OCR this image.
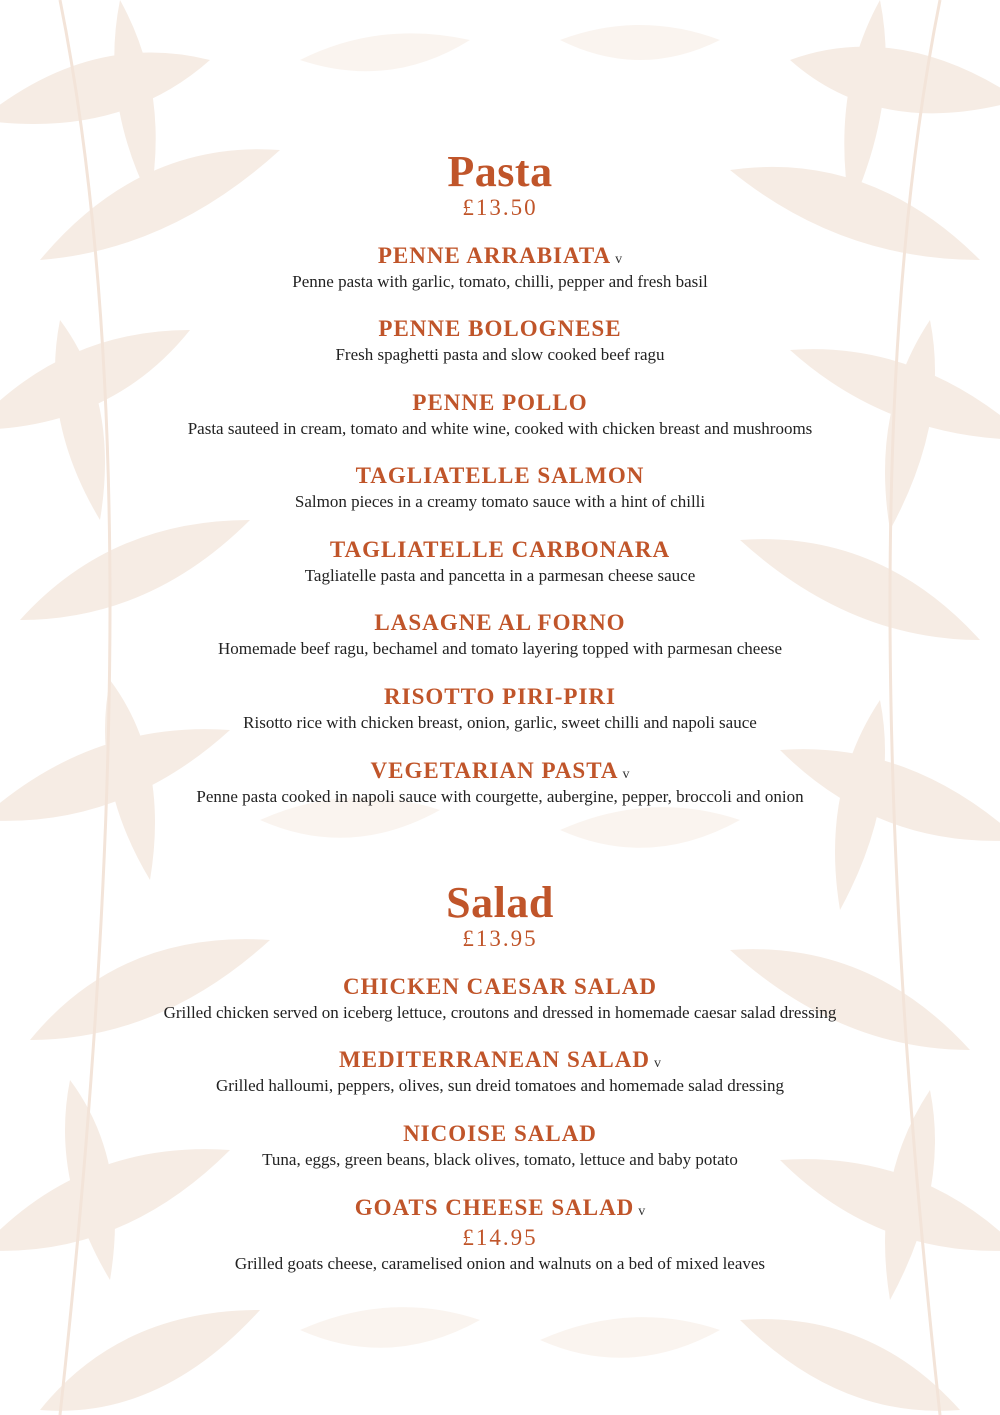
Pasta
£13.50
PENNE ARRABIATA v
Penne pasta with garlic, tomato, chilli, pepper and fresh basil
PENNE BOLOGNESE
Fresh spaghetti pasta and slow cooked beef ragu
PENNE POLLO
Pasta sauteed in cream, tomato and white wine, cooked with chicken breast and mushrooms
TAGLIATELLE SALMON
Salmon pieces in a creamy tomato sauce with a hint of chilli
TAGLIATELLE CARBONARA
Tagliatelle pasta and pancetta in a parmesan cheese sauce
LASAGNE AL FORNO
Homemade beef ragu, bechamel and tomato layering topped with parmesan cheese
RISOTTO PIRI-PIRI
Risotto rice with chicken breast, onion, garlic, sweet chilli and napoli sauce
VEGETARIAN PASTA v
Penne pasta cooked in napoli sauce with courgette, aubergine, pepper, broccoli and onion
Salad
£13.95
CHICKEN CAESAR SALAD
Grilled chicken served on iceberg lettuce, croutons and dressed in homemade caesar salad dressing
MEDITERRANEAN SALAD v
Grilled halloumi, peppers, olives, sun dreid tomatoes and homemade salad dressing
NICOISE SALAD
Tuna, eggs, green beans, black olives, tomato, lettuce and baby potato
GOATS CHEESE SALAD v
£14.95
Grilled goats cheese, caramelised onion and walnuts on a bed of mixed leaves
